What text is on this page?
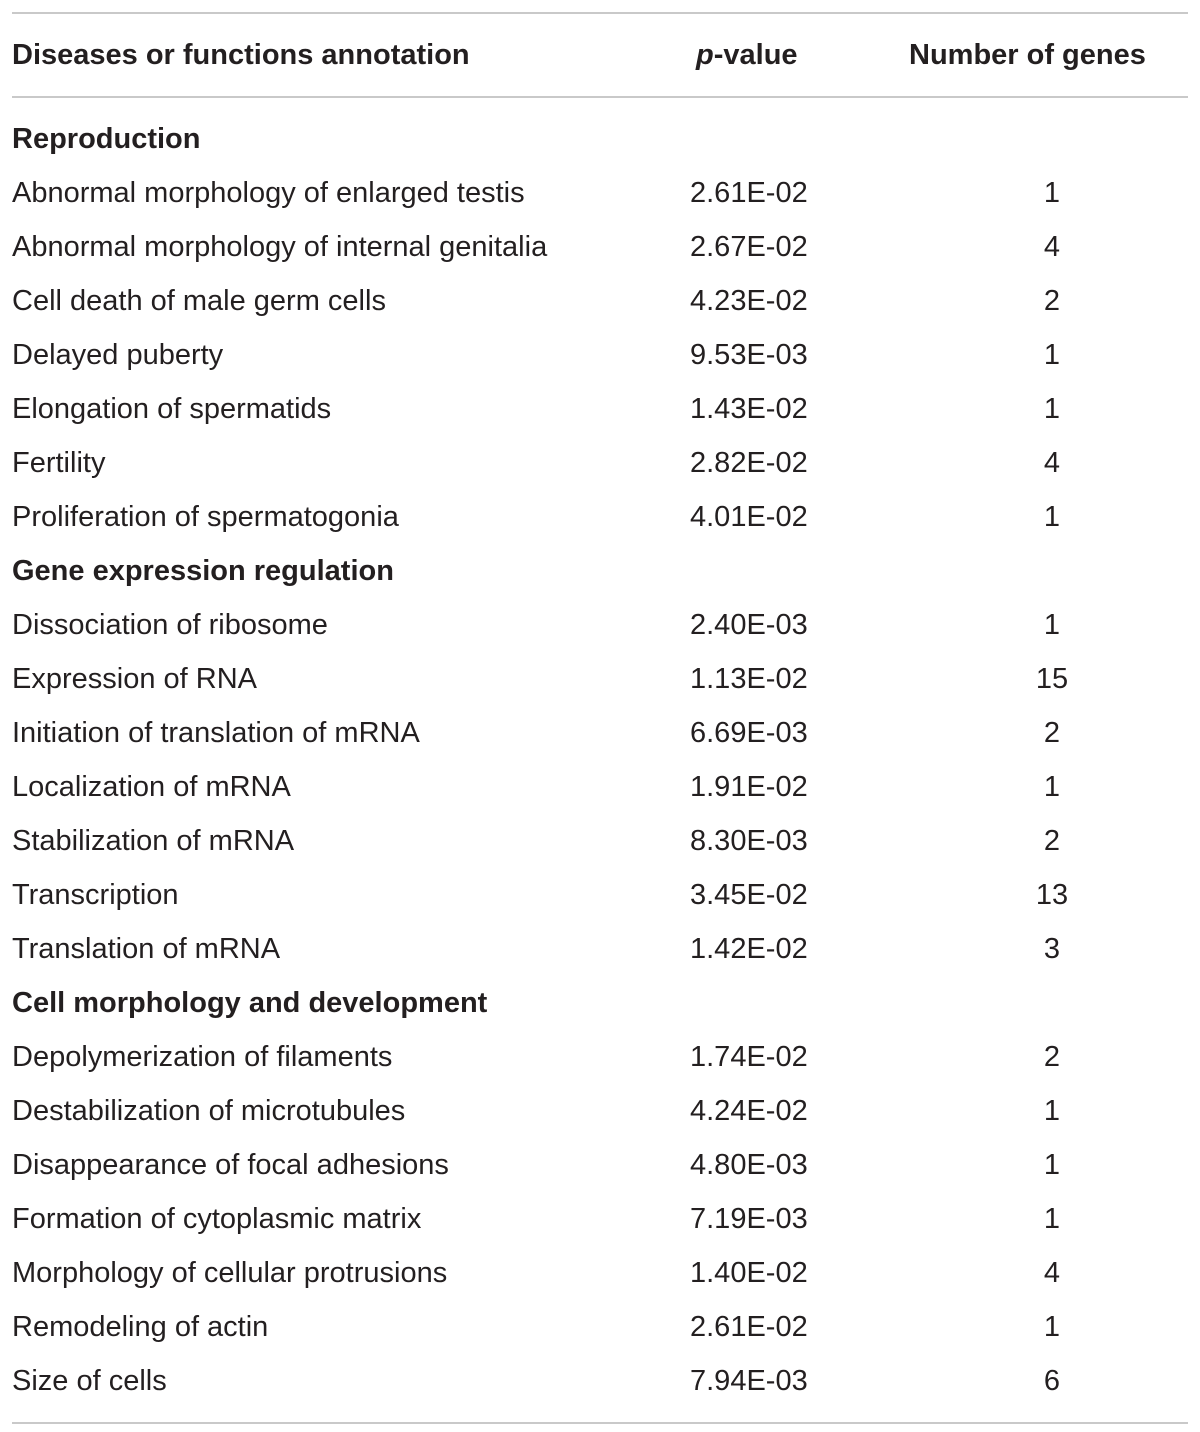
Diseases or functions annotation	p -value	Number of genes
Reproduction
Abnormal morphology of enlarged testis	2.61E-02	1
Abnormal morphology of internal genitalia	2.67E-02	4
Cell death of male germ cells	4.23E-02	2
Delayed puberty	9.53E-03	1
Elongation of spermatids	1.43E-02	1
Fertility	2.82E-02	4
Proliferation of spermatogonia	4.01E-02	1
Gene expression regulation
Dissociation of ribosome	2.40E-03	1
Expression of RNA	1.13E-02	15
Initiation of translation of mRNA	6.69E-03	2
Localization of mRNA	1.91E-02	1
Stabilization of mRNA	8.30E-03	2
Transcription	3.45E-02	13
Translation of mRNA	1.42E-02	3
Cell morphology and development
Depolymerization of filaments	1.74E-02	2
Destabilization of microtubules	4.24E-02	1
Disappearance of focal adhesions	4.80E-03	1
Formation of cytoplasmic matrix	7.19E-03	1
Morphology of cellular protrusions	1.40E-02	4
Remodeling of actin	2.61E-02	1
Size of cells	7.94E-03	6
